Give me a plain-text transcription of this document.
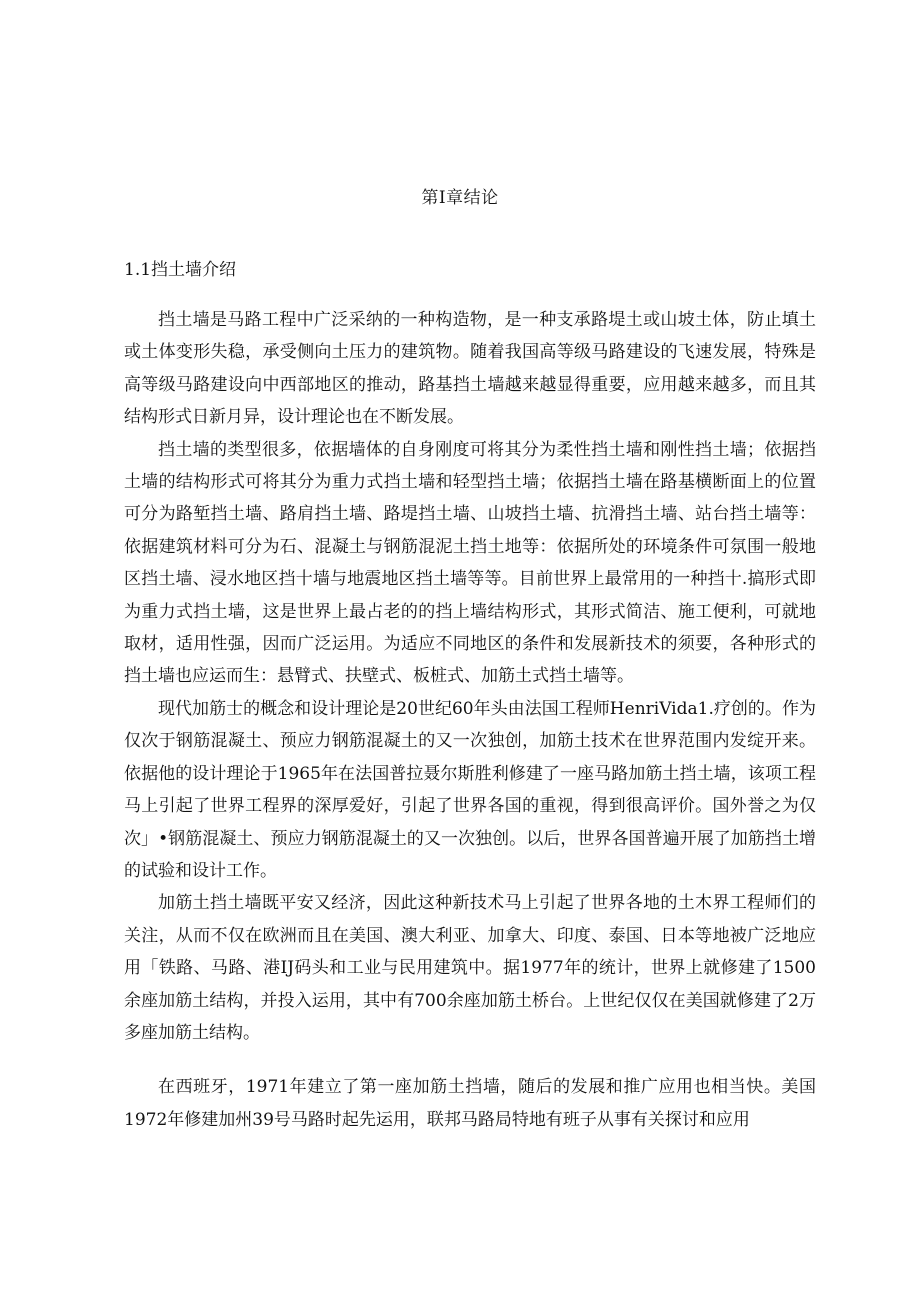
第I章结论
1.1挡土墙介绍

挡土墙是马路工程中广泛采纳的一种构造物，是一种支承路堤土或山坡土体，防止填土或土体变形失稳，承受侧向土压力的建筑物。随着我国高等级马路建设的飞速发展，特殊是高等级马路建设向中西部地区的推动，路基挡土墙越来越显得重要，应用越来越多，而且其结构形式日新月异，设计理论也在不断发展。

挡土墙的类型很多，依据墙体的自身刚度可将其分为柔性挡土墙和刚性挡土墙；依据挡土墙的结构形式可将其分为重力式挡土墙和轻型挡土墙；依据挡土墙在路基横断面上的位置可分为路堑挡土墙、路肩挡土墙、路堤挡土墙、山坡挡土墙、抗滑挡土墙、站台挡土墙等：依据建筑材料可分为石、混凝土与钢筋混泥土挡土地等：依据所处的环境条件可氛围一般地区挡土墙、浸水地区挡十墙与地震地区挡土墙等等。目前世界上最常用的一种挡十.搞形式即为重力式挡土墙，这是世界上最占老的的挡上墙结构形式，其形式简洁、施工便利，可就地取材，适用性强，因而广泛运用。为适应不同地区的条件和发展新技术的须要，各种形式的挡土墙也应运而生：悬臂式、扶壁式、板桩式、加筋土式挡土墙等。

现代加筋士的概念和设计理论是20世纪60年头由法国工程师HenriVida1.疗创的。作为仅次于钢筋混凝土、预应力钢筋混凝土的又一次独创，加筋土技术在世界范围内发绽开来。依据他的设计理论于1965年在法国普拉聂尔斯胜利修建了一座马路加筋土挡土墙，该项工程马上引起了世界工程界的深厚爱好，引起了世界各国的重视，得到很高评价。国外誉之为仅次」•钢筋混凝土、预应力钢筋混凝土的又一次独创。以后，世界各国普遍开展了加筋挡土增的试验和设计工作。

加筋土挡土墙既平安又经济，因此这种新技术马上引起了世界各地的土木界工程师们的关注，从而不仅在欧洲而且在美国、澳大利亚、加拿大、印度、泰国、日本等地被广泛地应用「铁路、马路、港IJ码头和工业与民用建筑中。据1977年的统计，世界上就修建了1500余座加筋土结构，并投入运用，其中有700余座加筋土桥台。上世纪仅仅在美国就修建了2万多座加筋土结构。

在西班牙，1971年建立了第一座加筋土挡墙，随后的发展和推广应用也相当快。美国1972年修建加州39号马路时起先运用，联邦马路局特地有班子从事有关探讨和应用
